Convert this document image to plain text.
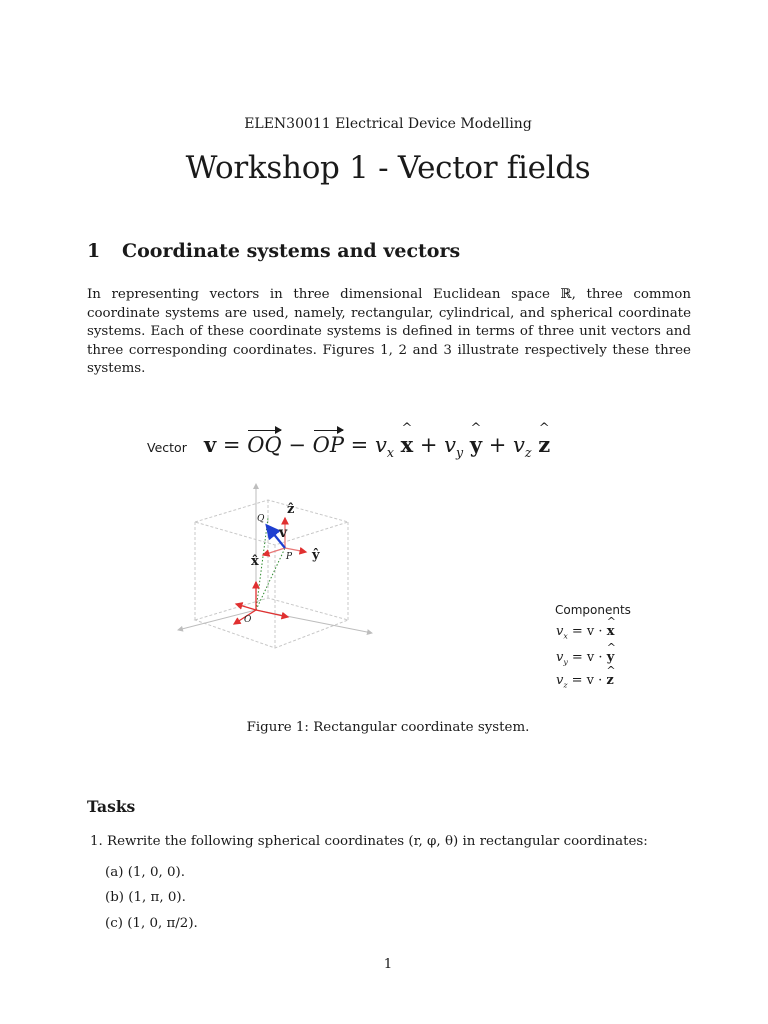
ELEN30011 Electrical Device Modelling
Workshop 1 - Vector fields
1 Coordinate systems and vectors
In representing vectors in three dimensional Euclidean space ℝ, three common coordinate systems are used, namely, rectangular, cylindrical, and spherical coordinate systems. Each of these coordinate systems is defined in terms of three unit vectors and three corresponding coordinates. Figures 1, 2 and 3 illustrate respectively these three systems.
Vector v = OQ − OP = $v_x$ x ^ + $v_y$ y ^ + $v_z$ z ^
ẑ
ŷ
x̂
v
Q
P
O
Components
$v_x = v \cdot x$ ^
$v_y = v \cdot y$ ^
$v_z = v \cdot z$ ^
Figure 1: Rectangular coordinate system.
Tasks
1. Rewrite the following spherical coordinates (r, φ, θ) in rectangular coordinates:
(a) (1, 0, 0).
(b) (1, π, 0).
(c) (1, 0, π/2).
1
